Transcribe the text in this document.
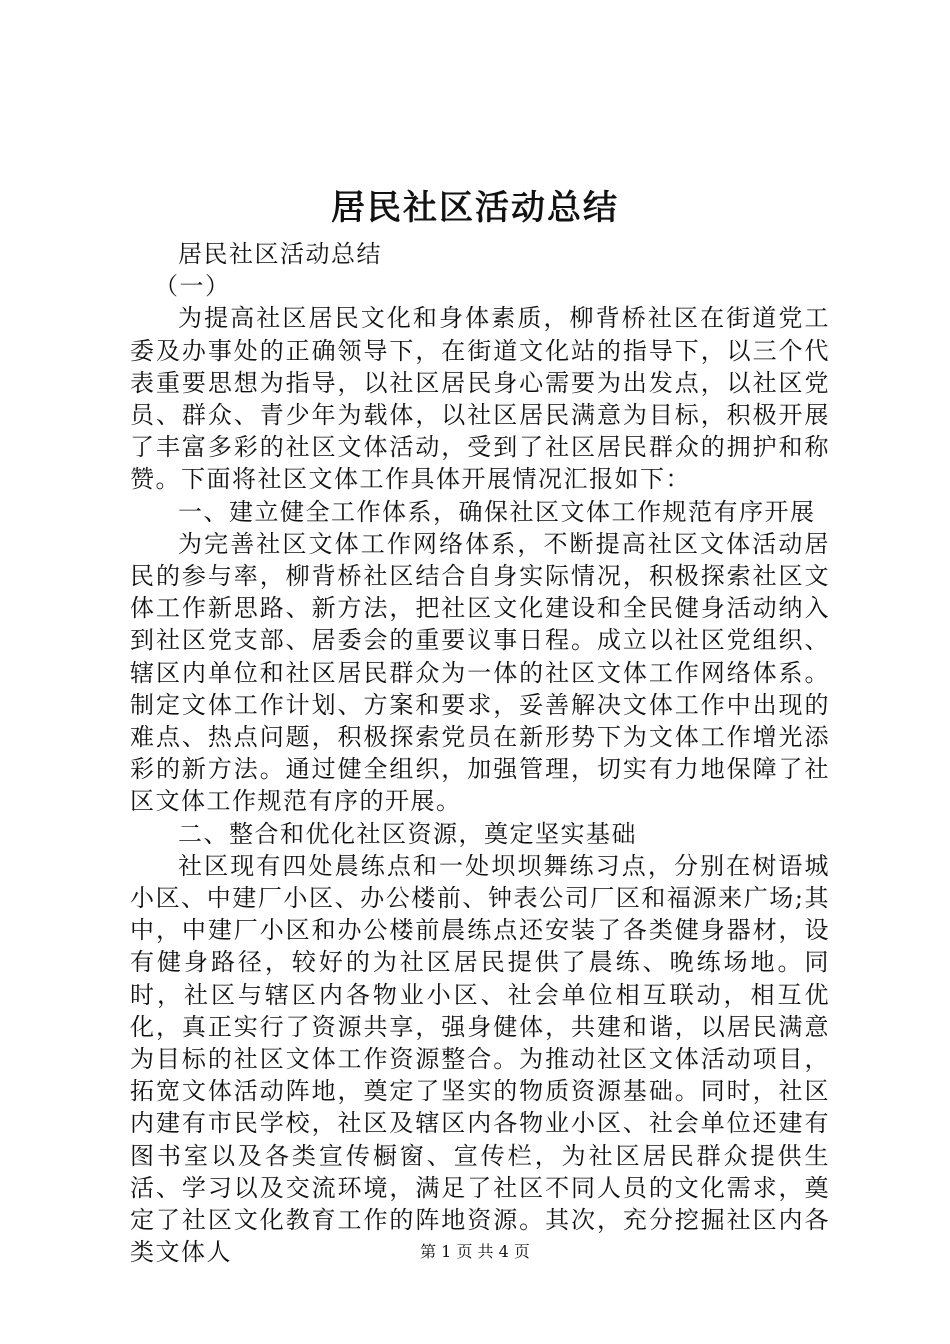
居民社区活动总结

居民社区活动总结

（一）

为提高社区居民文化和身体素质，柳背桥社区在街道党工委及办事处的正确领导下，在街道文化站的指导下，以三个代表重要思想为指导，以社区居民身心需要为出发点，以社区党员、群众、青少年为载体，以社区居民满意为目标，积极开展了丰富多彩的社区文体活动，受到了社区居民群众的拥护和称赞。下面将社区文体工作具体开展情况汇报如下：

一、建立健全工作体系，确保社区文体工作规范有序开展

为完善社区文体工作网络体系，不断提高社区文体活动居民的参与率，柳背桥社区结合自身实际情况，积极探索社区文体工作新思路、新方法，把社区文化建设和全民健身活动纳入到社区党支部、居委会的重要议事日程。成立以社区党组织、辖区内单位和社区居民群众为一体的社区文体工作网络体系。制定文体工作计划、方案和要求，妥善解决文体工作中出现的难点、热点问题，积极探索党员在新形势下为文体工作增光添彩的新方法。通过健全组织，加强管理，切实有力地保障了社区文体工作规范有序的开展。

二、整合和优化社区资源，奠定坚实基础

社区现有四处晨练点和一处坝坝舞练习点，分别在树语城小区、中建厂小区、办公楼前、钟表公司厂区和福源来广场;其中，中建厂小区和办公楼前晨练点还安装了各类健身器材，设有健身路径，较好的为社区居民提供了晨练、晚练场地。同时，社区与辖区内各物业小区、社会单位相互联动，相互优化，真正实行了资源共享，强身健体，共建和谐，以居民满意为目标的社区文体工作资源整合。为推动社区文体活动项目，拓宽文体活动阵地，奠定了坚实的物质资源基础。同时，社区内建有市民学校，社区及辖区内各物业小区、社会单位还建有图书室以及各类宣传橱窗、宣传栏，为社区居民群众提供生活、学习以及交流环境，满足了社区不同人员的文化需求，奠定了社区文化教育工作的阵地资源。其次，充分挖掘社区内各类文体人	第 1 页 共 4 页
